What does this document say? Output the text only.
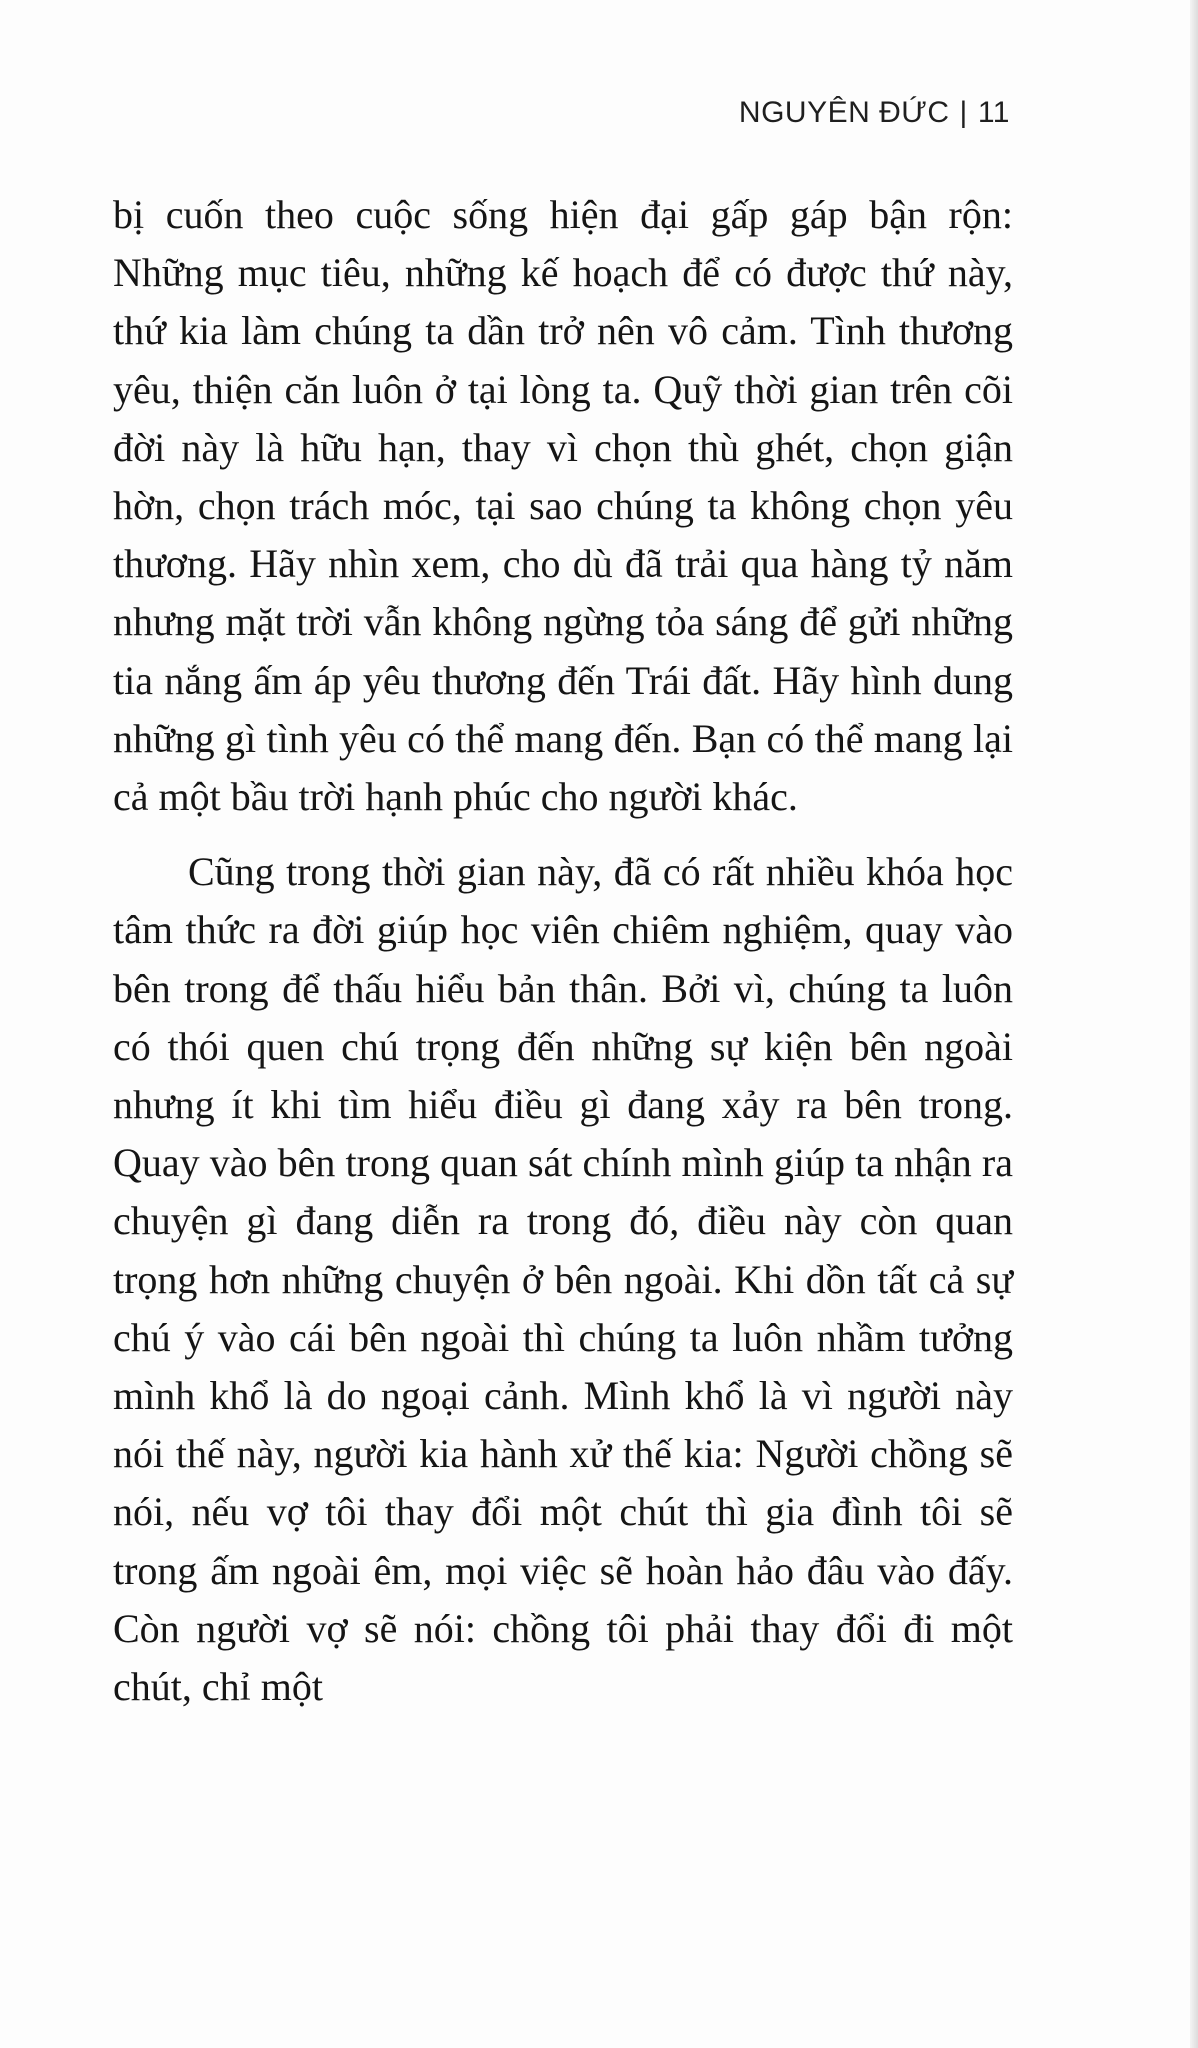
NGUYÊN ĐỨC | 11

bị cuốn theo cuộc sống hiện đại gấp gáp bận rộn: Những mục tiêu, những kế hoạch để có được thứ này, thứ kia làm chúng ta dần trở nên vô cảm. Tình thương yêu, thiện căn luôn ở tại lòng ta. Quỹ thời gian trên cõi đời này là hữu hạn, thay vì chọn thù ghét, chọn giận hờn, chọn trách móc, tại sao chúng ta không chọn yêu thương. Hãy nhìn xem, cho dù đã trải qua hàng tỷ năm nhưng mặt trời vẫn không ngừng tỏa sáng để gửi những tia nắng ấm áp yêu thương đến Trái đất. Hãy hình dung những gì tình yêu có thể mang đến. Bạn có thể mang lại cả một bầu trời hạnh phúc cho người khác.

Cũng trong thời gian này, đã có rất nhiều khóa học tâm thức ra đời giúp học viên chiêm nghiệm, quay vào bên trong để thấu hiểu bản thân. Bởi vì, chúng ta luôn có thói quen chú trọng đến những sự kiện bên ngoài nhưng ít khi tìm hiểu điều gì đang xảy ra bên trong. Quay vào bên trong quan sát chính mình giúp ta nhận ra chuyện gì đang diễn ra trong đó, điều này còn quan trọng hơn những chuyện ở bên ngoài. Khi dồn tất cả sự chú ý vào cái bên ngoài thì chúng ta luôn nhầm tưởng mình khổ là do ngoại cảnh. Mình khổ là vì người này nói thế này, người kia hành xử thế kia: Người chồng sẽ nói, nếu vợ tôi thay đổi một chút thì gia đình tôi sẽ trong ấm ngoài êm, mọi việc sẽ hoàn hảo đâu vào đấy. Còn người vợ sẽ nói: chồng tôi phải thay đổi đi một chút, chỉ một
